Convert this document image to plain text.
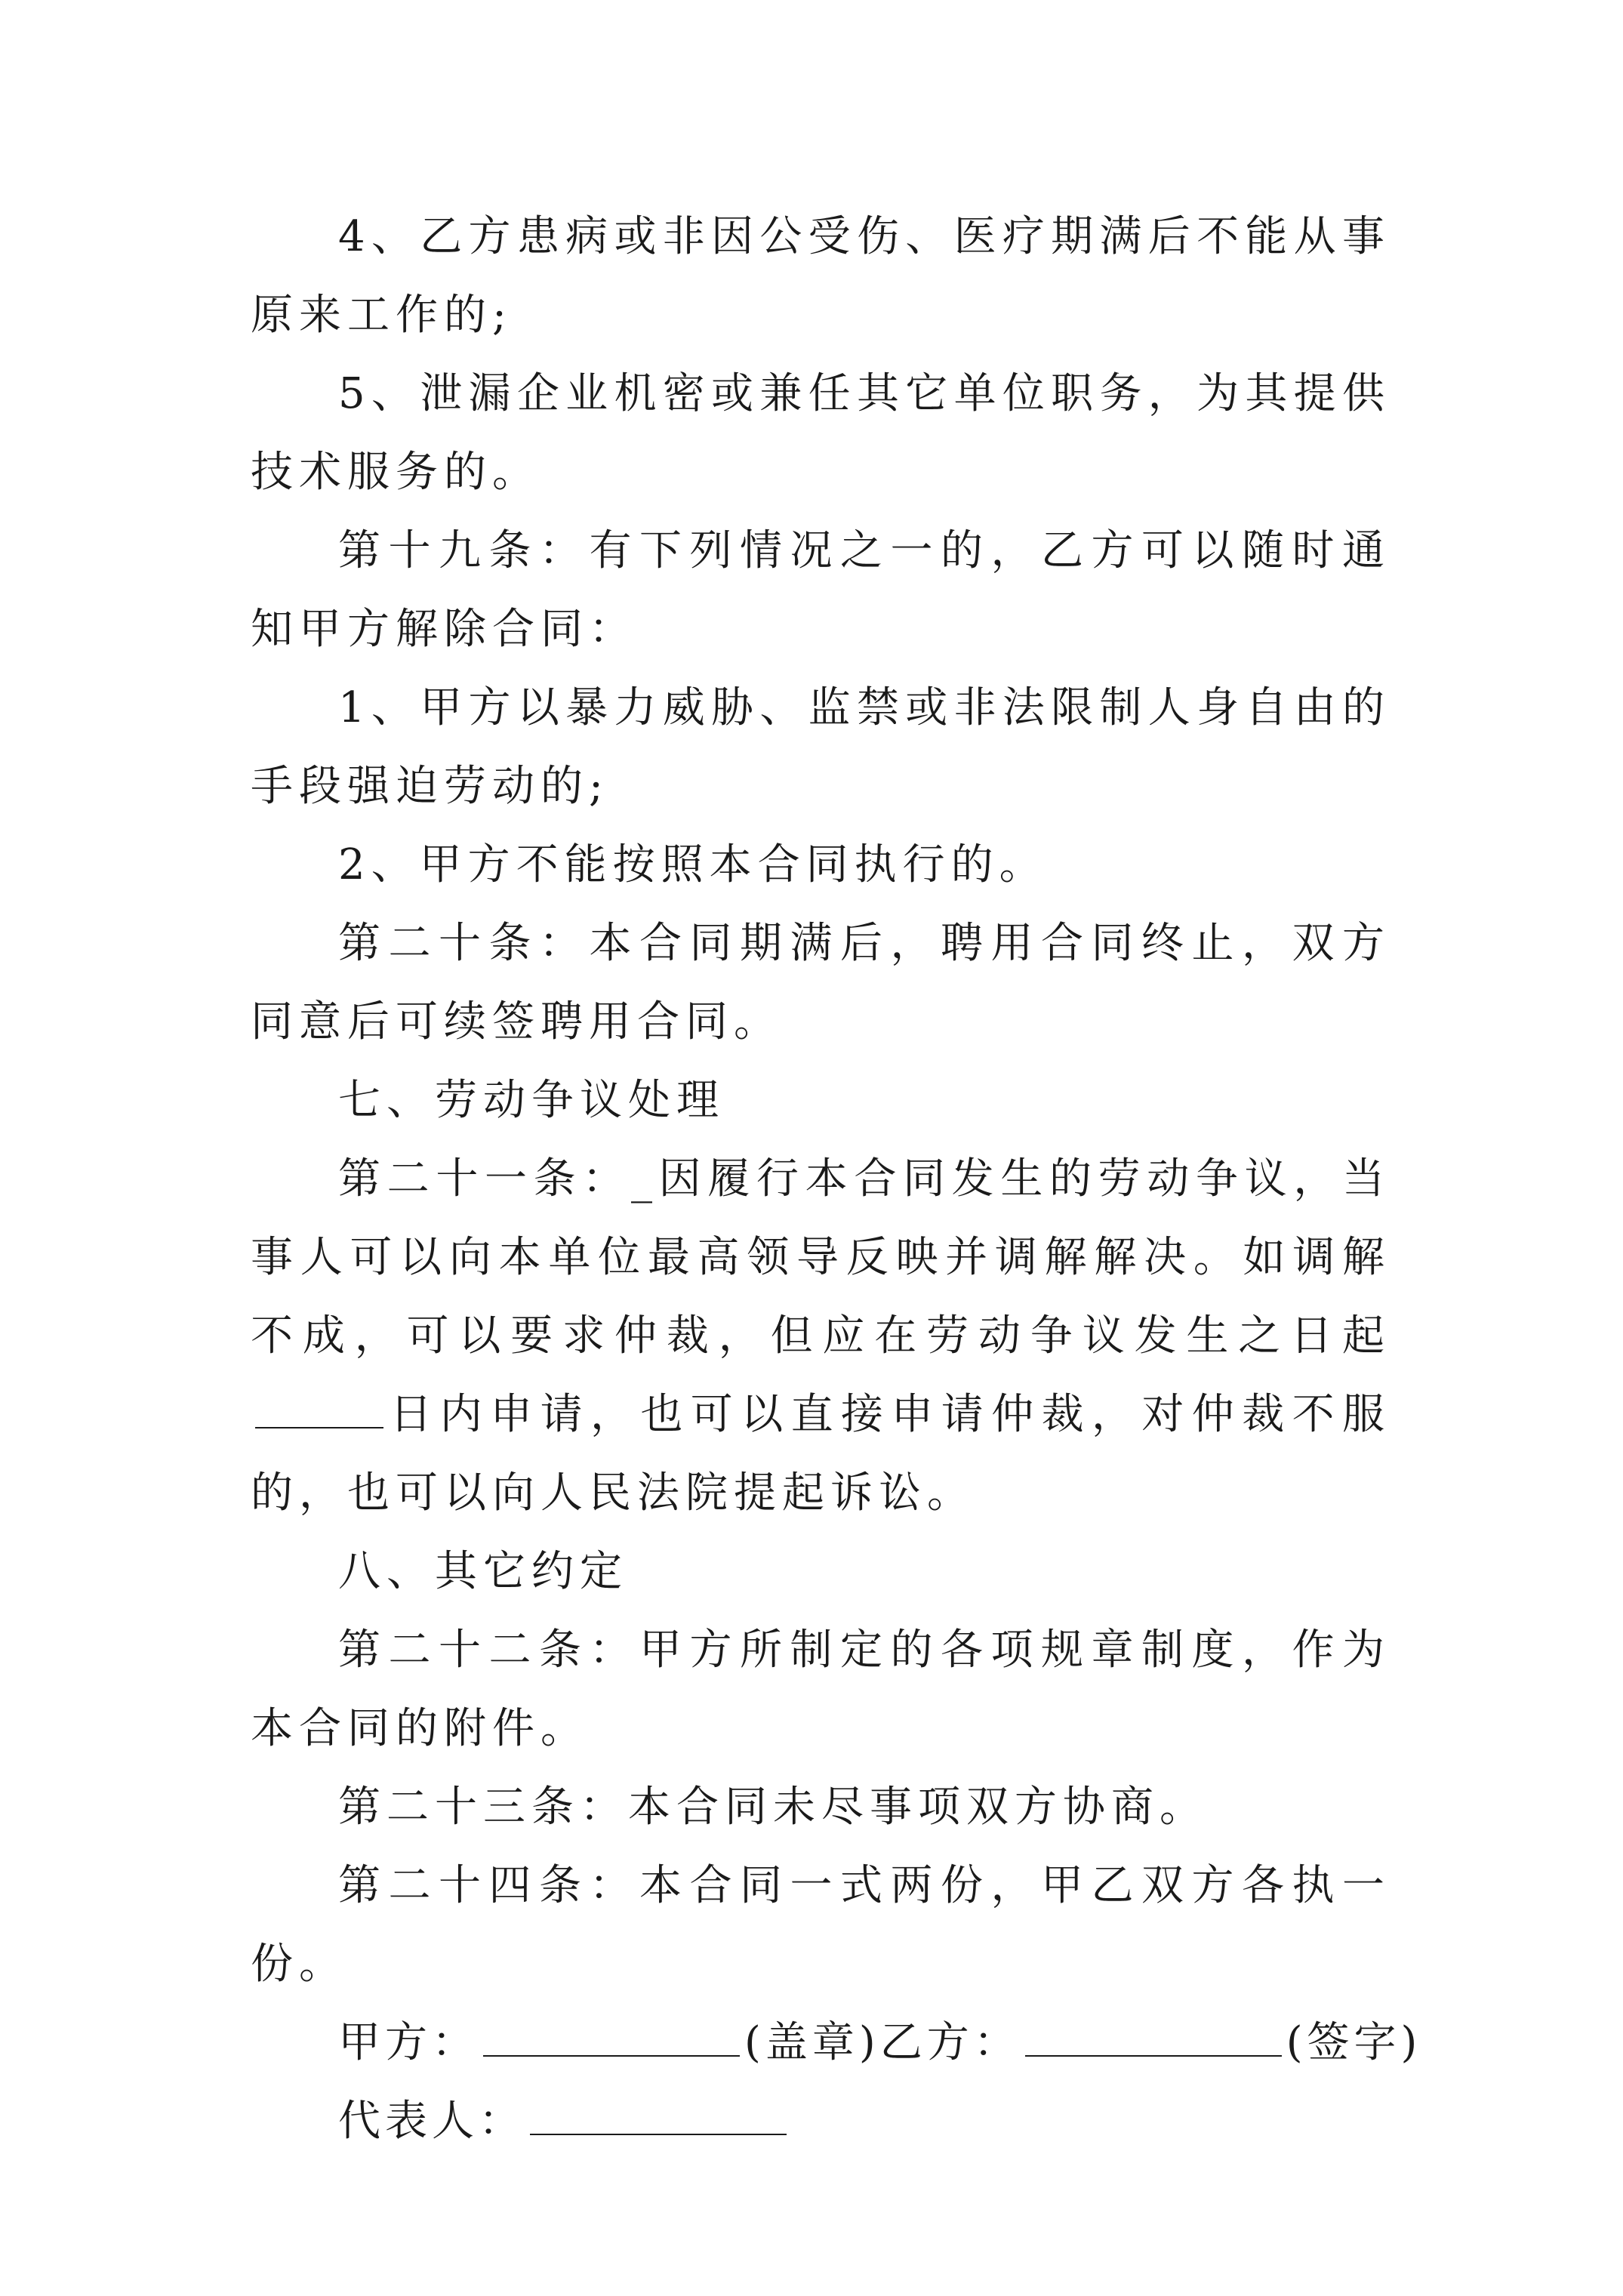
4、乙方患病或非因公受伤、医疗期满后不能从事原来工作的;

5、泄漏企业机密或兼任其它单位职务，为其提供技术服务的。

第十九条：有下列情况之一的，乙方可以随时通知甲方解除合同：

1、甲方以暴力威胁、监禁或非法限制人身自由的手段强迫劳动的;

2、甲方不能按照本合同执行的。

第二十条：本合同期满后，聘用合同终止，双方同意后可续签聘用合同。

七、劳动争议处理

第二十一条：_因履行本合同发生的劳动争议，当事人可以向本单位最高领导反映并调解解决。如调解不成，可以要求仲裁，但应在劳动争议发生之日起日内申请，也可以直接申请仲裁，对仲裁不服的，也可以向人民法院提起诉讼。

八、其它约定

第二十二条：甲方所制定的各项规章制度，作为本合同的附件。

第二十三条：本合同未尽事项双方协商。

第二十四条：本合同一式两份，甲乙双方各执一份。

甲方：	(盖章)乙方：	(签字)

代表人：
